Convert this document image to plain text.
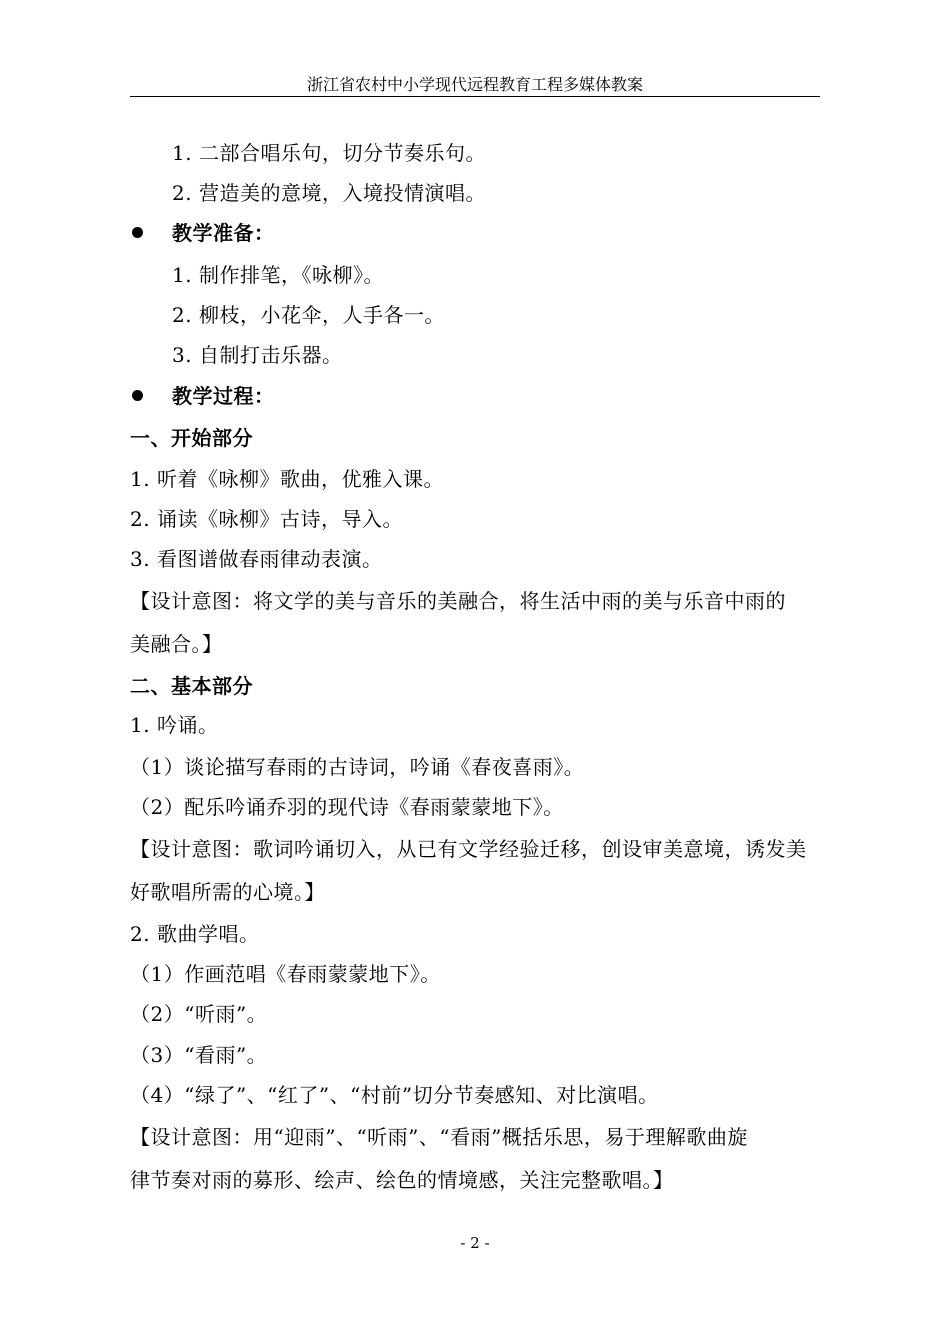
浙江省农村中小学现代远程教育工程多媒体教案
1. 二部合唱乐句，切分节奏乐句。
2. 营造美的意境，入境投情演唱。
教学准备：
1. 制作排笔，《咏柳》。
2. 柳枝，小花伞，人手各一。
3. 自制打击乐器。
教学过程：
一、开始部分
1. 听着《咏柳》歌曲，优雅入课。
2. 诵读《咏柳》古诗，导入。
3. 看图谱做春雨律动表演。
【设计意图：将文学的美与音乐的美融合，将生活中雨的美与乐音中雨的
美融合。】
二、基本部分
1. 吟诵。
（1）谈论描写春雨的古诗词，吟诵《春夜喜雨》。
（2）配乐吟诵乔羽的现代诗《春雨蒙蒙地下》。
【设计意图：歌词吟诵切入，从已有文学经验迁移，创设审美意境，诱发美
好歌唱所需的心境。】
2. 歌曲学唱。
（1）作画范唱《春雨蒙蒙地下》。
（2）“听雨”。
（3）“看雨”。
（4）“绿了”、“红了”、“村前”切分节奏感知、对比演唱。
【设计意图：用“迎雨”、“听雨”、“看雨”概括乐思，易于理解歌曲旋
律节奏对雨的募形、绘声、绘色的情境感，关注完整歌唱。】
- 2 -
